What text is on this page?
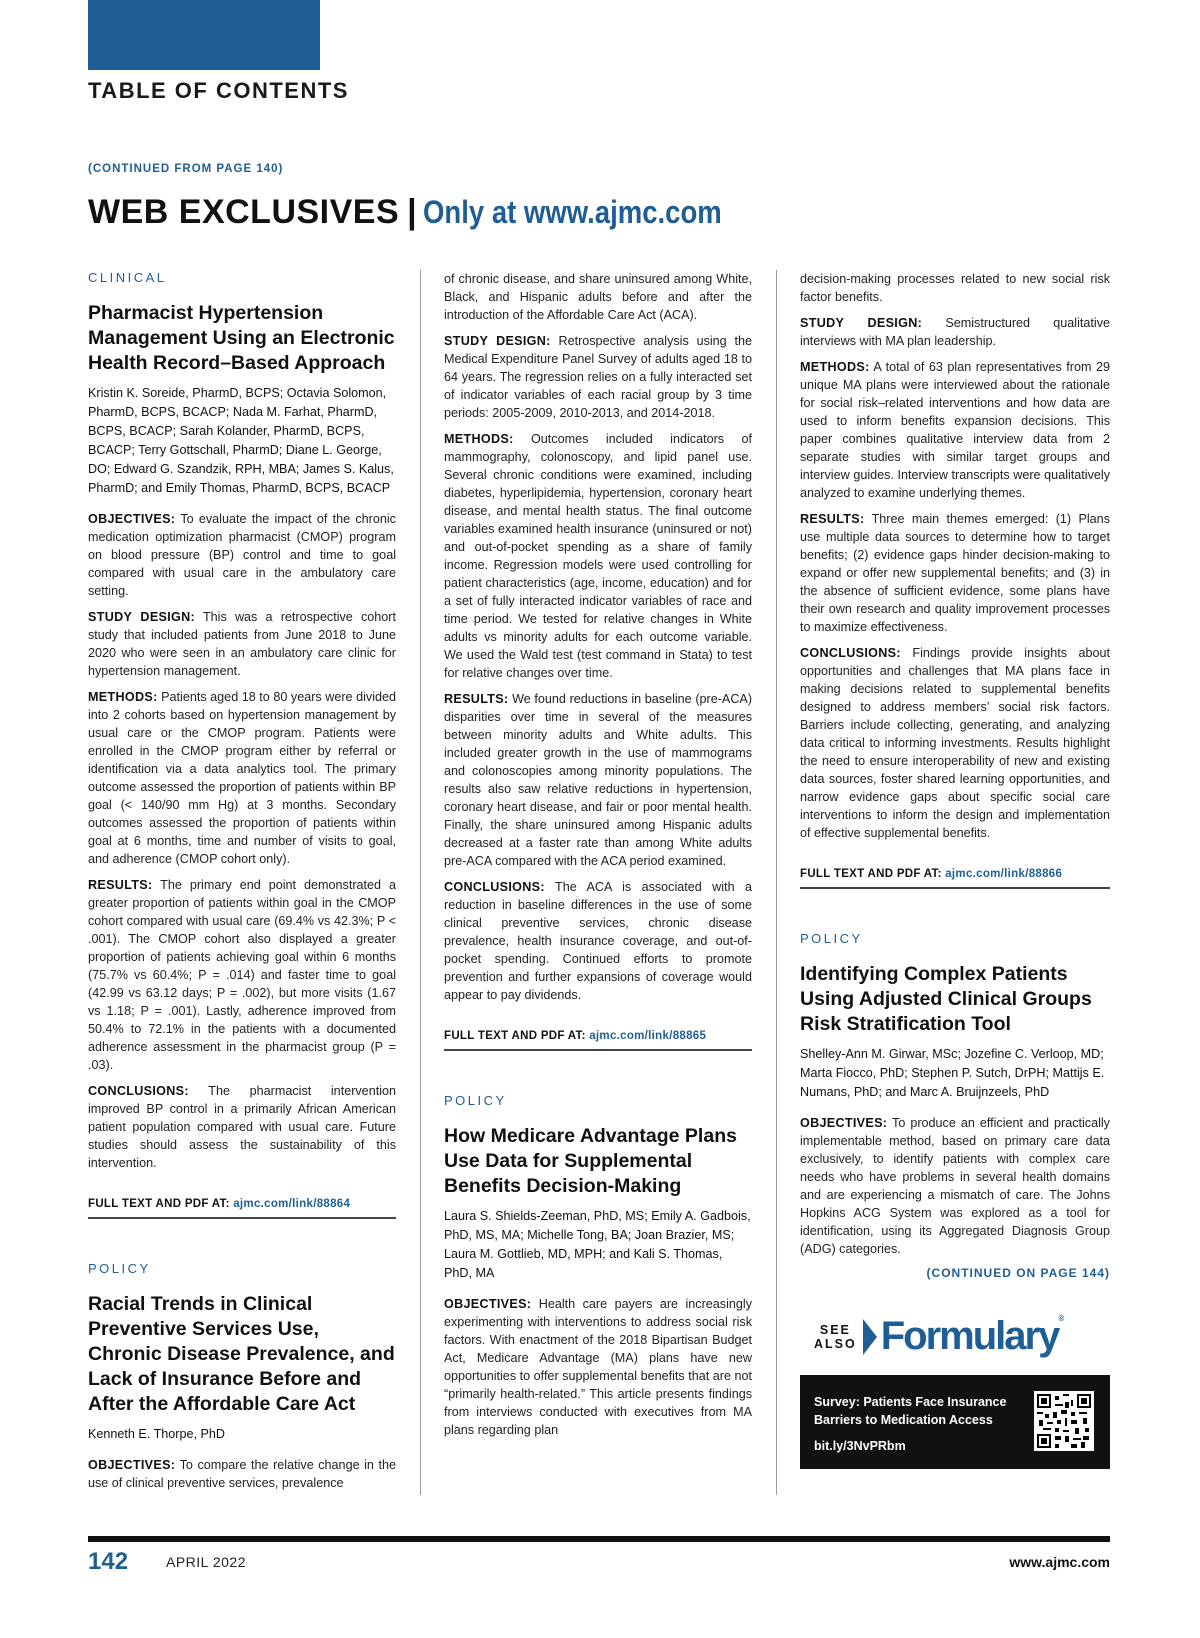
TABLE OF CONTENTS
(CONTINUED FROM PAGE 140)
WEB EXCLUSIVES | Only at www.ajmc.com
CLINICAL
Pharmacist Hypertension Management Using an Electronic Health Record–Based Approach
Kristin K. Soreide, PharmD, BCPS; Octavia Solomon, PharmD, BCPS, BCACP; Nada M. Farhat, PharmD, BCPS, BCACP; Sarah Kolander, PharmD, BCPS, BCACP; Terry Gottschall, PharmD; Diane L. George, DO; Edward G. Szandzik, RPH, MBA; James S. Kalus, PharmD; and Emily Thomas, PharmD, BCPS, BCACP

OBJECTIVES: To evaluate the impact of the chronic medication optimization pharmacist (CMOP) program on blood pressure (BP) control and time to goal compared with usual care in the ambulatory care setting.

STUDY DESIGN: This was a retrospective cohort study that included patients from June 2018 to June 2020 who were seen in an ambulatory care clinic for hypertension management.

METHODS: Patients aged 18 to 80 years were divided into 2 cohorts based on hypertension management by usual care or the CMOP program. Patients were enrolled in the CMOP program either by referral or identification via a data analytics tool. The primary outcome assessed the proportion of patients within BP goal (< 140/90 mm Hg) at 3 months. Secondary outcomes assessed the proportion of patients within goal at 6 months, time and number of visits to goal, and adherence (CMOP cohort only).

RESULTS: The primary end point demonstrated a greater proportion of patients within goal in the CMOP cohort compared with usual care (69.4% vs 42.3%; P < .001). The CMOP cohort also displayed a greater proportion of patients achieving goal within 6 months (75.7% vs 60.4%; P = .014) and faster time to goal (42.99 vs 63.12 days; P = .002), but more visits (1.67 vs 1.18; P = .001). Lastly, adherence improved from 50.4% to 72.1% in the patients with a documented adherence assessment in the pharmacist group (P = .03).

CONCLUSIONS: The pharmacist intervention improved BP control in a primarily African American patient population compared with usual care. Future studies should assess the sustainability of this intervention.

FULL TEXT AND PDF AT: ajmc.com/link/88864
POLICY
Racial Trends in Clinical Preventive Services Use, Chronic Disease Prevalence, and Lack of Insurance Before and After the Affordable Care Act
Kenneth E. Thorpe, PhD

OBJECTIVES: To compare the relative change in the use of clinical preventive services, prevalence

of chronic disease, and share uninsured among White, Black, and Hispanic adults before and after the introduction of the Affordable Care Act (ACA).

STUDY DESIGN: Retrospective analysis using the Medical Expenditure Panel Survey of adults aged 18 to 64 years. The regression relies on a fully interacted set of indicator variables of each racial group by 3 time periods: 2005-2009, 2010-2013, and 2014-2018.

METHODS: Outcomes included indicators of mammography, colonoscopy, and lipid panel use. Several chronic conditions were examined, including diabetes, hyperlipidemia, hypertension, coronary heart disease, and mental health status. The final outcome variables examined health insurance (uninsured or not) and out-of-pocket spending as a share of family income. Regression models were used controlling for patient characteristics (age, income, education) and for a set of fully interacted indicator variables of race and time period. We tested for relative changes in White adults vs minority adults for each outcome variable. We used the Wald test (test command in Stata) to test for relative changes over time.

RESULTS: We found reductions in baseline (pre-ACA) disparities over time in several of the measures between minority adults and White adults. This included greater growth in the use of mammograms and colonoscopies among minority populations. The results also saw relative reductions in hypertension, coronary heart disease, and fair or poor mental health. Finally, the share uninsured among Hispanic adults decreased at a faster rate than among White adults pre-ACA compared with the ACA period examined.

CONCLUSIONS: The ACA is associated with a reduction in baseline differences in the use of some clinical preventive services, chronic disease prevalence, health insurance coverage, and out-of-pocket spending. Continued efforts to promote prevention and further expansions of coverage would appear to pay dividends.

FULL TEXT AND PDF AT: ajmc.com/link/88865
POLICY
How Medicare Advantage Plans Use Data for Supplemental Benefits Decision-Making
Laura S. Shields-Zeeman, PhD, MS; Emily A. Gadbois, PhD, MS, MA; Michelle Tong, BA; Joan Brazier, MS; Laura M. Gottlieb, MD, MPH; and Kali S. Thomas, PhD, MA

OBJECTIVES: Health care payers are increasingly experimenting with interventions to address social risk factors. With enactment of the 2018 Bipartisan Budget Act, Medicare Advantage (MA) plans have new opportunities to offer supplemental benefits that are not “primarily health-related.” This article presents findings from interviews conducted with executives from MA plans regarding plan

decision-making processes related to new social risk factor benefits.

STUDY DESIGN: Semistructured qualitative interviews with MA plan leadership.

METHODS: A total of 63 plan representatives from 29 unique MA plans were interviewed about the rationale for social risk–related interventions and how data are used to inform benefits expansion decisions. This paper combines qualitative interview data from 2 separate studies with similar target groups and interview guides. Interview transcripts were qualitatively analyzed to examine underlying themes.

RESULTS: Three main themes emerged: (1) Plans use multiple data sources to determine how to target benefits; (2) evidence gaps hinder decision-making to expand or offer new supplemental benefits; and (3) in the absence of sufficient evidence, some plans have their own research and quality improvement processes to maximize effectiveness.

CONCLUSIONS: Findings provide insights about opportunities and challenges that MA plans face in making decisions related to supplemental benefits designed to address members’ social risk factors. Barriers include collecting, generating, and analyzing data critical to informing investments. Results highlight the need to ensure interoperability of new and existing data sources, foster shared learning opportunities, and narrow evidence gaps about specific social care interventions to inform the design and implementation of effective supplemental benefits.

FULL TEXT AND PDF AT: ajmc.com/link/88866
POLICY
Identifying Complex Patients Using Adjusted Clinical Groups Risk Stratification Tool
Shelley-Ann M. Girwar, MSc; Jozefine C. Verloop, MD; Marta Fiocco, PhD; Stephen P. Sutch, DrPH; Mattijs E. Numans, PhD; and Marc A. Bruijnzeels, PhD

OBJECTIVES: To produce an efficient and practically implementable method, based on primary care data exclusively, to identify patients with complex care needs who have problems in several health domains and are experiencing a mismatch of care. The Johns Hopkins ACG System was explored as a tool for identification, using its Aggregated Diagnosis Group (ADG) categories.

(CONTINUED ON PAGE 144)
SEE
ALSO Formulary®
Survey: Patients Face Insurance Barriers to Medication Access
bit.ly/3NvPRbm
142	APRIL 2022	www.ajmc.com
